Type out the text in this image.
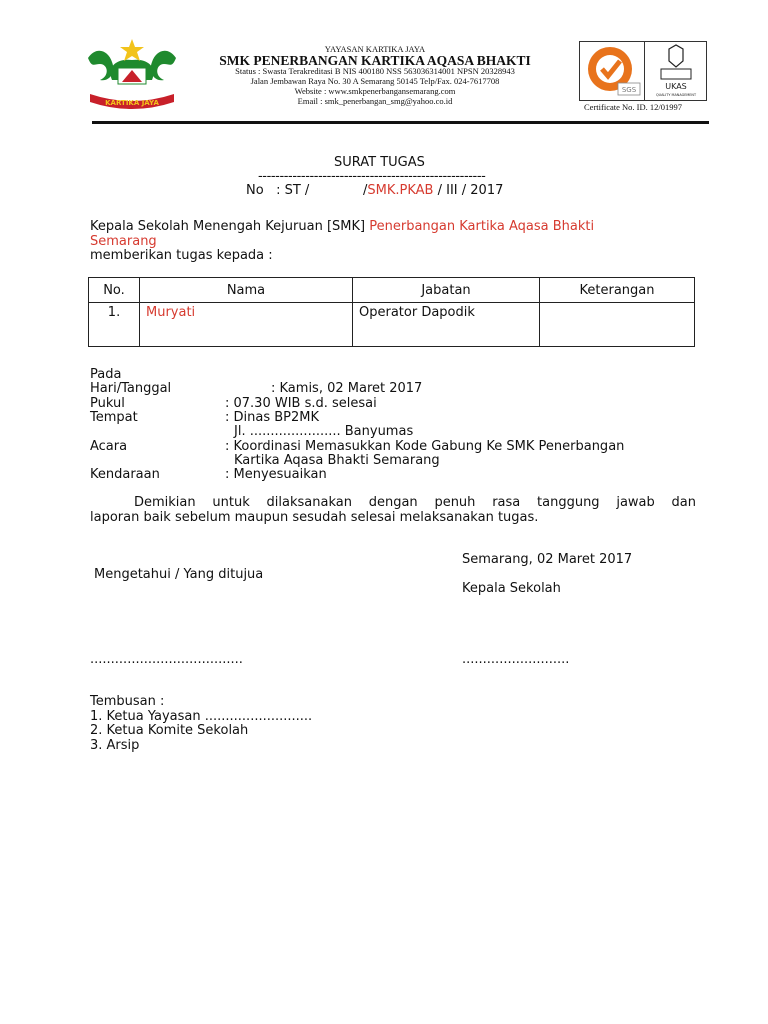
KARTIKA JAYA
YAYASAN KARTIKA JAYA
SMK PENERBANGAN KARTIKA AQASA BHAKTI
Status : Swasta Terakreditasi B NIS 400180 NSS 563036314001 NPSN 20328943
Jalan Jembawan Raya No. 30 A Semarang 50145 Telp/Fax. 024-7617708
Website : www.smkpenerbangansemarang.com
Email : smk_penerbangan_smg@yahoo.co.id
SGS	UKAS
QUALITY MANAGEMENT
Certificate No. ID. 12/01997
SURAT TUGAS
-----------------------------------------------------
No   : ST /             /SMK.PKAB / III / 2017
Kepala Sekolah Menengah Kejuruan [SMK] Penerbangan Kartika Aqasa Bhakti
Semarang
memberikan tugas kepada :
No.	Nama	Jabatan	Keterangan
1.	Muryati	Operator Dapodik	
Pada
Hari/Tanggal	: Kamis, 02 Maret 2017
Pukul	: 07.30 WIB s.d. selesai
Tempat	: Dinas BP2MK
Jl. ...................... Banyumas
Acara	: Koordinasi Memasukkan Kode Gabung Ke SMK Penerbangan
Kartika Aqasa Bhakti Semarang
Kendaraan	: Menyesuaikan
Demikian untuk dilaksanakan dengan penuh rasa tanggung jawab dan
laporan baik sebelum maupun sesudah selesai melaksanakan tugas.
Semarang, 02 Maret 2017
Mengetahui / Yang ditujua
Kepala Sekolah
.....................................	..........................
Tembusan :
1. Ketua Yayasan ..........................
2. Ketua Komite Sekolah
3. Arsip
